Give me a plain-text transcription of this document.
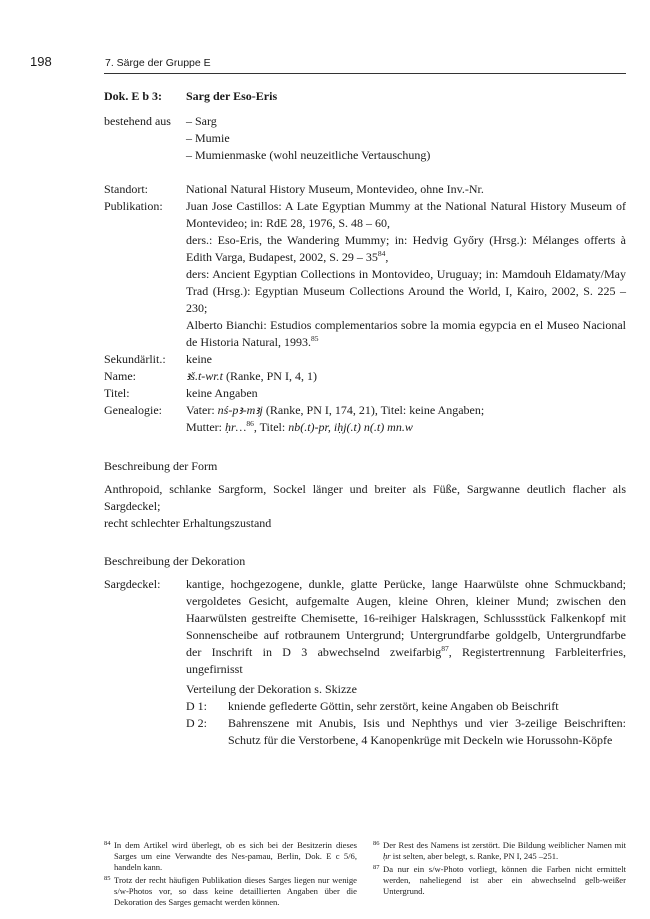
198	7. Särge der Gruppe E
Dok. E b 3:	Sarg der Eso-Eris
bestehend aus	– Sarg
– Mumie
– Mumienmaske (wohl neuzeitliche Vertauschung)
Standort:	National Natural History Museum, Montevideo, ohne Inv.-Nr.
Publikation:	Juan Jose Castillos: A Late Egyptian Mummy at the National Natural History Museum of Montevideo; in: RdE 28, 1976, S. 48 – 60,

ders.: Eso-Eris, the Wandering Mummy; in: Hedvig Győry (Hrsg.): Mélanges offerts à Edith Varga, Budapest, 2002, S. $29 - 35^{84}$,

ders: Ancient Egyptian Collections in Montovideo, Uruguay; in: Mamdouh Eldamaty/May Trad (Hrsg.): Egyptian Museum Collections Around the World, I, Kairo, 2002, S. 225 – 230;

Alberto Bianchi: Estudios complementarios sobre la momia egypcia en el Museo Nacional de Historia Natural, 1993.85

Sekundärlit.:	keine
Name:	ꜣš.t-wr.t (Ranke, PN I, 4, 1)
Titel:	keine Angaben
Genealogie:	Vater: nś-pꜣ-mꜣj (Ranke, PN I, 174, 21), Titel: keine Angaben;
Mutter: ḥr…$^{86}$, Titel: nb(.t)-pr, iḥj(.t) n(.t) mn.w
Beschreibung der Form

Anthropoid, schlanke Sargform, Sockel länger und breiter als Füße, Sargwanne deutlich flacher als Sargdeckel;

recht schlechter Erhaltungszustand

Beschreibung der Dekoration
Sargdeckel:	kantige, hochgezogene, dunkle, glatte Perücke, lange Haarwülste ohne Schmuckband; vergoldetes Gesicht, aufgemalte Augen, kleine Ohren, kleiner Mund; zwischen den Haarwülsten gestreifte Chemisette, 16-reihiger Halskragen, Schlussstück Falkenkopf mit Sonnenscheibe auf rotbraunem Untergrund; Untergrundfarbe goldgelb, Untergrundfarbe der Inschrift in D 3 abwechselnd zweifarbig$^{87}$, Registertrennung Farbleiterfries, ungefirnisst

Verteilung der Dekoration s. Skizze

D 1:	kniende geflederte Göttin, sehr zerstört, keine Angaben ob Beischrift
D 2:	Bahrenszene mit Anubis, Isis und Nephthys und vier 3-zeilige Beischriften: Schutz für die Verstorbene, 4 Kanopenkrüge mit Deckeln wie Horussohn-Köpfe
84 In dem Artikel wird überlegt, ob es sich bei der Besitzerin dieses Sarges um eine Verwandte des Nes-pamau, Berlin, Dok. E c 5/6, handeln kann.
85 Trotz der recht häufigen Publikation dieses Sarges liegen nur wenige s/w-Photos vor, so dass keine detaillierten Angaben über die Dekoration des Sarges gemacht werden können.
86 Der Rest des Namens ist zerstört. Die Bildung weiblicher Namen mit ḥr ist selten, aber belegt, s. Ranke, PN I, 245 –251.
87 Da nur ein s/w-Photo vorliegt, können die Farben nicht ermittelt werden, naheliegend ist aber ein abwechselnd gelb-weißer Untergrund.
